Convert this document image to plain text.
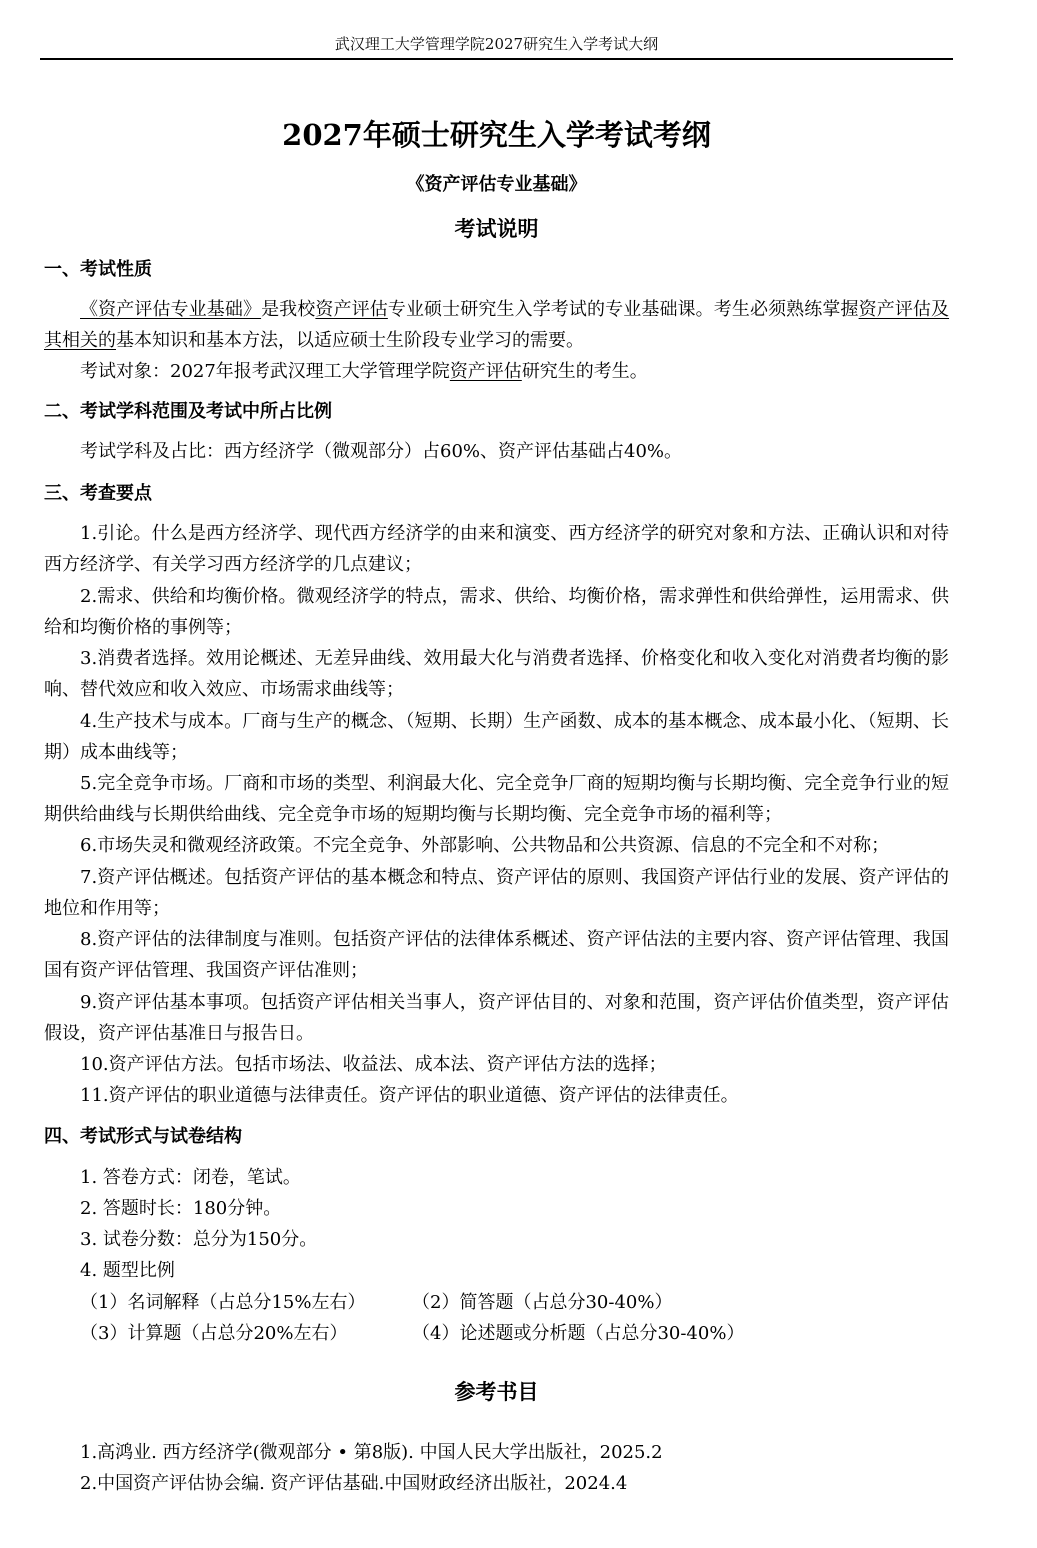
武汉理工大学管理学院2027研究生入学考试大纲
2027年硕士研究生入学考试考纲
《资产评估专业基础》
考试说明
一、考试性质

《资产评估专业基础》是我校资产评估专业硕士研究生入学考试的专业基础课。考生必须熟练掌握资产评估及其相关的基本知识和基本方法，以适应硕士生阶段专业学习的需要。

考试对象：2027年报考武汉理工大学管理学院资产评估研究生的考生。

二、考试学科范围及考试中所占比例

考试学科及占比：西方经济学（微观部分）占60%、资产评估基础占40%。

三、考查要点

1.引论。什么是西方经济学、现代西方经济学的由来和演变、西方经济学的研究对象和方法、正确认识和对待西方经济学、有关学习西方经济学的几点建议；

2.需求、供给和均衡价格。微观经济学的特点，需求、供给、均衡价格，需求弹性和供给弹性，运用需求、供给和均衡价格的事例等；

3.消费者选择。效用论概述、无差异曲线、效用最大化与消费者选择、价格变化和收入变化对消费者均衡的影响、替代效应和收入效应、市场需求曲线等；

4.生产技术与成本。厂商与生产的概念、（短期、长期）生产函数、成本的基本概念、成本最小化、（短期、长期）成本曲线等；

5.完全竞争市场。厂商和市场的类型、利润最大化、完全竞争厂商的短期均衡与长期均衡、完全竞争行业的短期供给曲线与长期供给曲线、完全竞争市场的短期均衡与长期均衡、完全竞争市场的福利等；

6.市场失灵和微观经济政策。不完全竞争、外部影响、公共物品和公共资源、信息的不完全和不对称；

7.资产评估概述。包括资产评估的基本概念和特点、资产评估的原则、我国资产评估行业的发展、资产评估的地位和作用等；

8.资产评估的法律制度与准则。包括资产评估的法律体系概述、资产评估法的主要内容、资产评估管理、我国国有资产评估管理、我国资产评估准则；

9.资产评估基本事项。包括资产评估相关当事人，资产评估目的、对象和范围，资产评估价值类型，资产评估假设，资产评估基准日与报告日。

10.资产评估方法。包括市场法、收益法、成本法、资产评估方法的选择；

11.资产评估的职业道德与法律责任。资产评估的职业道德、资产评估的法律责任。

四、考试形式与试卷结构
1. 答卷方式：闭卷，笔试。
2. 答题时长：180分钟。
3. 试卷分数：总分为150分。
4. 题型比例
（1）名词解释（占总分15%左右）	（2）简答题（占总分30-40%）
（3）计算题（占总分20%左右）	（4）论述题或分析题（占总分30-40%）
参考书目
1.高鸿业. 西方经济学(微观部分 • 第8版). 中国人民大学出版社，2025.2
2.中国资产评估协会编. 资产评估基础.中国财政经济出版社，2024.4
